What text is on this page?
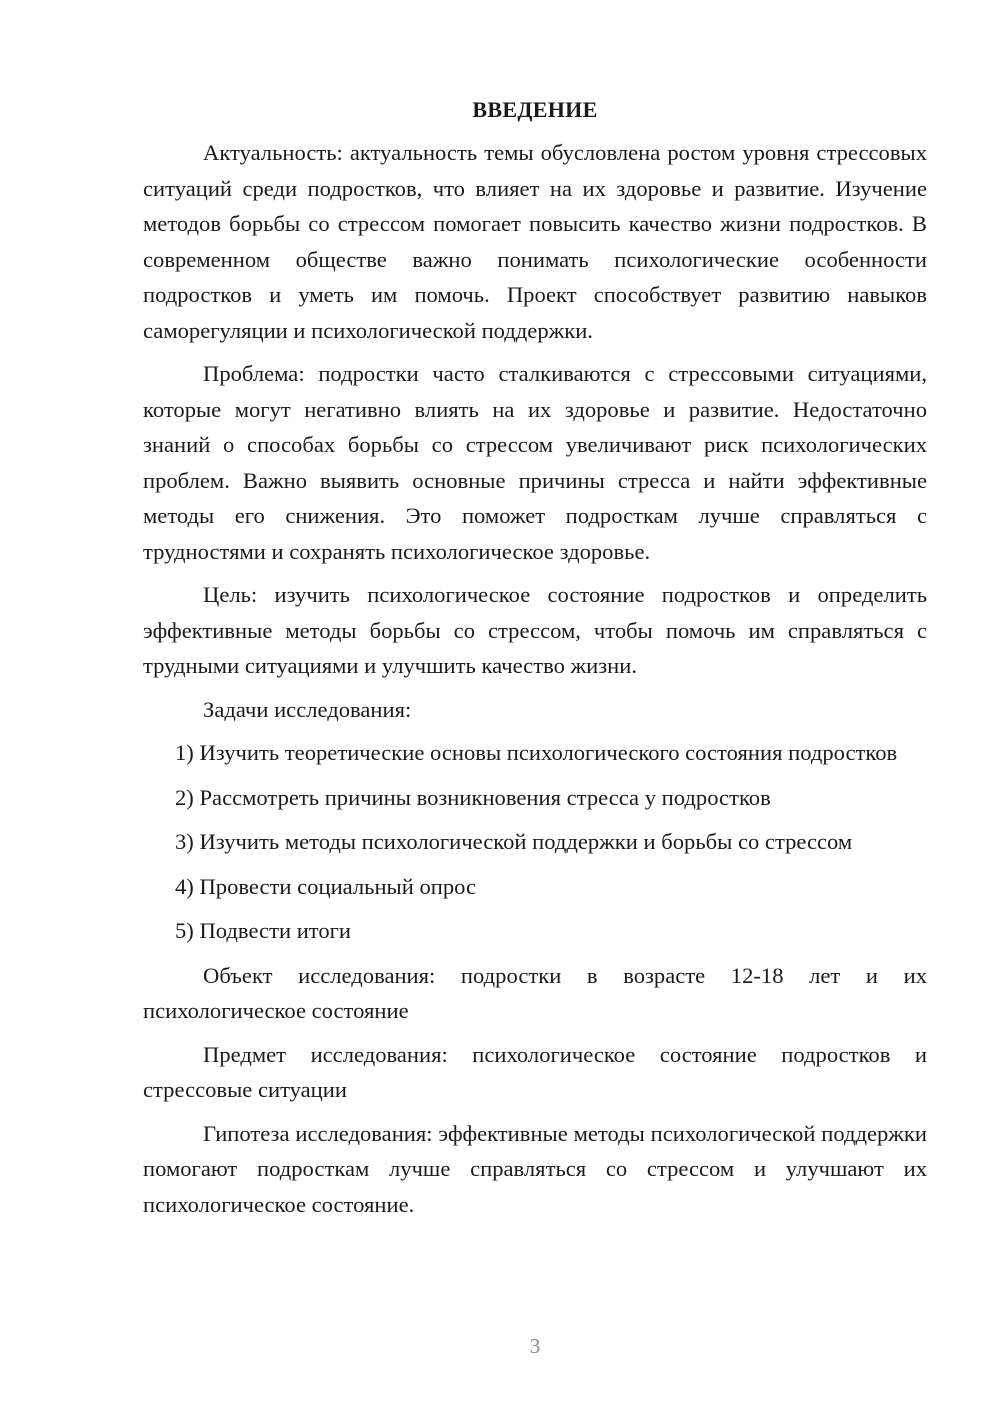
ВВЕДЕНИЕ

Актуальность: актуальность темы обусловлена ростом уровня стрессовых ситуаций среди подростков, что влияет на их здоровье и развитие. Изучение методов борьбы со стрессом помогает повысить качество жизни подростков. В современном обществе важно понимать психологические особенности подростков и уметь им помочь. Проект способствует развитию навыков саморегуляции и психологической поддержки.

Проблема: подростки часто сталкиваются с стрессовыми ситуациями, которые могут негативно влиять на их здоровье и развитие. Недостаточно знаний о способах борьбы со стрессом увеличивают риск психологических проблем. Важно выявить основные причины стресса и найти эффективные методы его снижения. Это поможет подросткам лучше справляться с трудностями и сохранять психологическое здоровье.

Цель: изучить психологическое состояние подростков и определить эффективные методы борьбы со стрессом, чтобы помочь им справляться с трудными ситуациями и улучшить качество жизни.

Задачи исследования:

1) Изучить теоретические основы психологического состояния подростков

2) Рассмотреть причины возникновения стресса у подростков

3) Изучить методы психологической поддержки и борьбы со стрессом

4) Провести социальный опрос

5) Подвести итоги

Объект исследования: подростки в возрасте 12-18 лет и их психологическое состояние

Предмет исследования: психологическое состояние подростков и стрессовые ситуации

Гипотеза исследования: эффективные методы психологической поддержки помогают подросткам лучше справляться со стрессом и улучшают их психологическое состояние.

3
